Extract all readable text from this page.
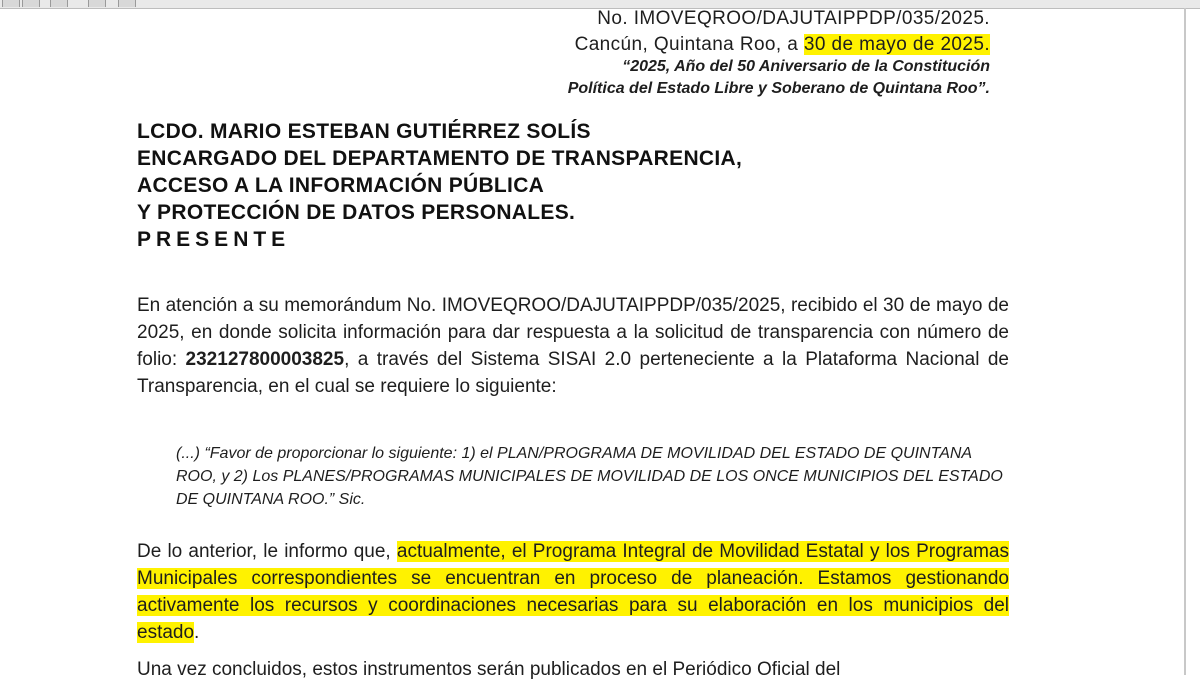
No. IMOVEQROO/DAJUTAIPPDP/035/2025.
Cancún, Quintana Roo, a 30 de mayo de 2025.
“2025, Año del 50 Aniversario de la Constitución
Política del Estado Libre y Soberano de Quintana Roo”.
LCDO. MARIO ESTEBAN GUTIÉRREZ SOLÍS
ENCARGADO DEL DEPARTAMENTO DE TRANSPARENCIA,
ACCESO A LA INFORMACIÓN PÚBLICA
Y PROTECCIÓN DE DATOS PERSONALES.
PRESENTE

En atención a su memorándum No. IMOVEQROO/DAJUTAIPPDP/035/2025, recibido el 30 de mayo de 2025, en donde solicita información para dar respuesta a la solicitud de transparencia con número de folio: 232127800003825, a través del Sistema SISAI 2.0 perteneciente a la Plataforma Nacional de Transparencia, en el cual se requiere lo siguiente:

(...) “Favor de proporcionar lo siguiente: 1) el PLAN/PROGRAMA DE MOVILIDAD DEL ESTADO DE QUINTANA ROO, y 2) Los PLANES/PROGRAMAS MUNICIPALES DE MOVILIDAD DE LOS ONCE MUNICIPIOS DEL ESTADO DE QUINTANA ROO.” Sic.

De lo anterior, le informo que, actualmente, el Programa Integral de Movilidad Estatal y los Programas Municipales correspondientes se encuentran en proceso de planeación. Estamos gestionando activamente los recursos y coordinaciones necesarias para su elaboración en los municipios del estado.

Una vez concluidos, estos instrumentos serán publicados en el Periódico Oficial del
